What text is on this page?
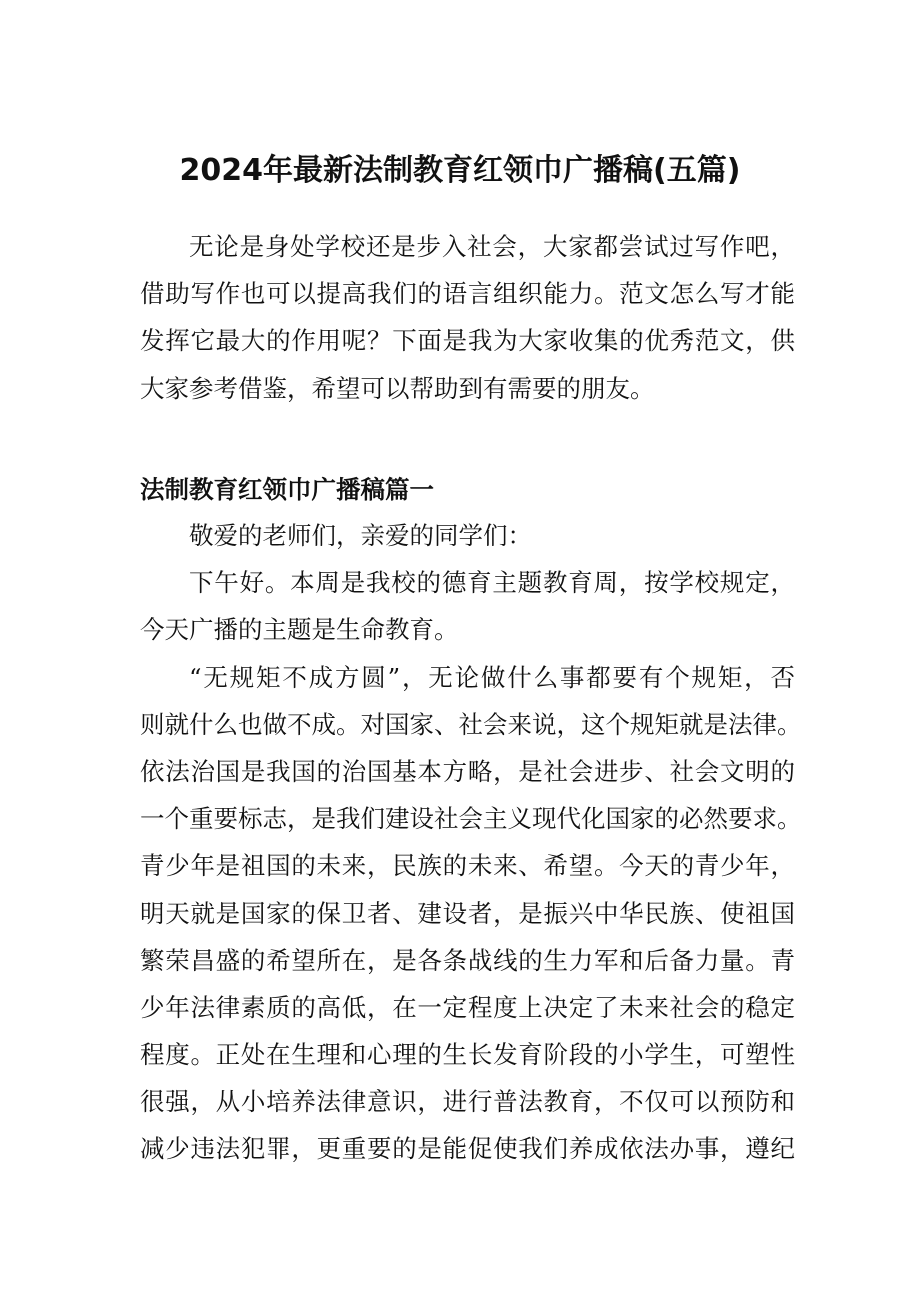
2024年最新法制教育红领巾广播稿(五篇)
无论是身处学校还是步入社会，大家都尝试过写作吧，
借助写作也可以提高我们的语言组织能力。范文怎么写才能
发挥它最大的作用呢？下面是我为大家收集的优秀范文，供
大家参考借鉴，希望可以帮助到有需要的朋友。
法制教育红领巾广播稿篇一
敬爱的老师们，亲爱的同学们：
下午好。本周是我校的德育主题教育周，按学校规定，
今天广播的主题是生命教育。
“无规矩不成方圆”，无论做什么事都要有个规矩，否
则就什么也做不成。对国家、社会来说，这个规矩就是法律。
依法治国是我国的治国基本方略，是社会进步、社会文明的
一个重要标志，是我们建设社会主义现代化国家的必然要求。
青少年是祖国的未来，民族的未来、希望。今天的青少年，
明天就是国家的保卫者、建设者，是振兴中华民族、使祖国
繁荣昌盛的希望所在，是各条战线的生力军和后备力量。青
少年法律素质的高低，在一定程度上决定了未来社会的稳定
程度。正处在生理和心理的生长发育阶段的小学生，可塑性
很强，从小培养法律意识，进行普法教育，不仅可以预防和
减少违法犯罪，更重要的是能促使我们养成依法办事，遵纪
